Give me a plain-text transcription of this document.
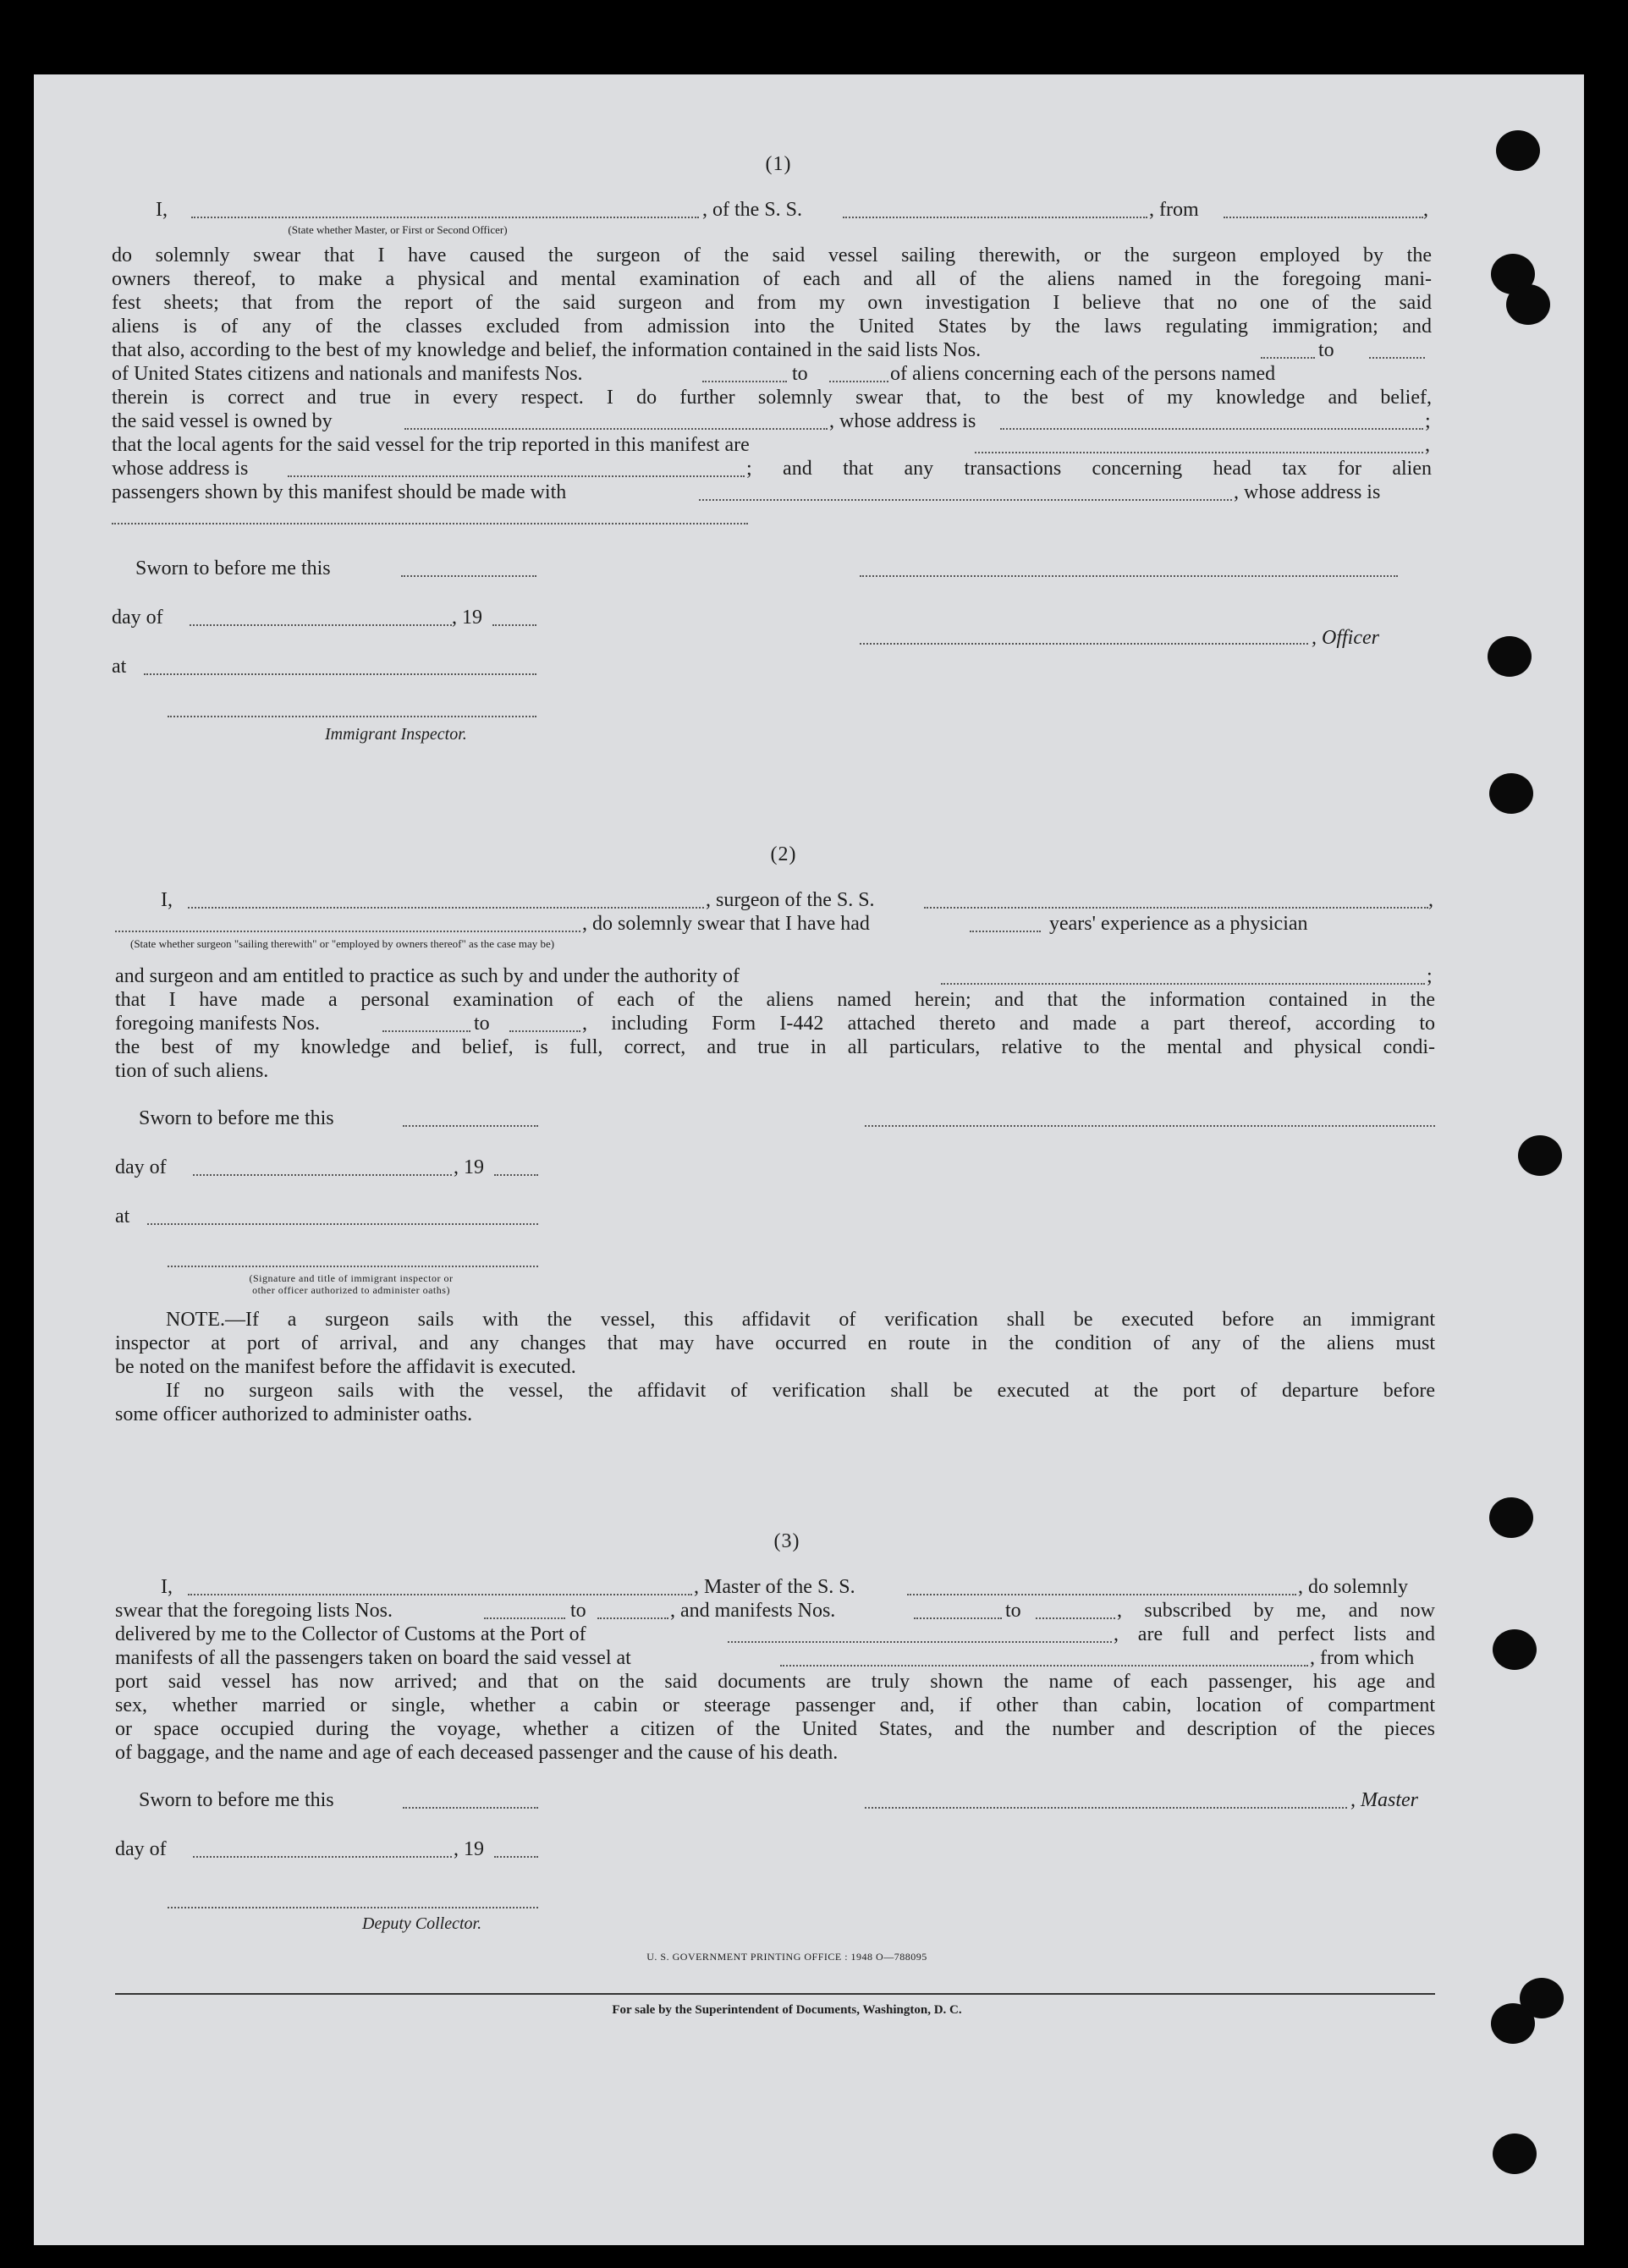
(1)
I,	, of the S. S.	, from	,
(State whether Master, or First or Second Officer)
do solemnly swear that I have caused the surgeon of the said vessel sailing therewith, or the surgeon employed by the
owners thereof, to make a physical and mental examination of each and all of the aliens named in the foregoing mani-
fest sheets; that from the report of the said surgeon and from my own investigation I believe that no one of the said
aliens is of any of the classes excluded from admission into the United States by the laws regulating immigration; and
that also, according to the best of my knowledge and belief, the information contained in the said lists Nos.	to
of United States citizens and nationals and manifests Nos.	to	of aliens concerning each of the persons named
therein is correct and true in every respect. I do further solemnly swear that, to the best of my knowledge and belief,
the said vessel is owned by	, whose address is	;
that the local agents for the said vessel for the trip reported in this manifest are	,
whose address is	; and that any transactions concerning head tax for alien
passengers shown by this manifest should be made with	, whose address is
Sworn to before me this
day of	, 19
, Officer
at
Immigrant Inspector.
(2)
I,	, surgeon of the S. S.	,
, do solemnly swear that I have had	years' experience as a physician
(State whether surgeon "sailing therewith" or "employed by owners thereof" as the case may be)
and surgeon and am entitled to practice as such by and under the authority of	;
that I have made a personal examination of each of the aliens named herein; and that the information contained in the
foregoing manifests Nos.	to	, including Form I-442 attached thereto and made a part thereof, according to
the best of my knowledge and belief, is full, correct, and true in all particulars, relative to the mental and physical condi-
tion of such aliens.
Sworn to before me this
day of	, 19
at
(Signature and title of immigrant inspector or
other officer authorized to administer oaths)
NOTE.—If a surgeon sails with the vessel, this affidavit of verification shall be executed before an immigrant
inspector at port of arrival, and any changes that may have occurred en route in the condition of any of the aliens must
be noted on the manifest before the affidavit is executed.
If no surgeon sails with the vessel, the affidavit of verification shall be executed at the port of departure before
some officer authorized to administer oaths.
(3)
I,	, Master of the S. S.	, do solemnly
swear that the foregoing lists Nos.	to	, and manifests Nos.	to	, subscribed by me, and now
delivered by me to the Collector of Customs at the Port of	, are full and perfect lists and
manifests of all the passengers taken on board the said vessel at	, from which
port said vessel has now arrived; and that on the said documents are truly shown the name of each passenger, his age and
sex, whether married or single, whether a cabin or steerage passenger and, if other than cabin, location of compartment
or space occupied during the voyage, whether a citizen of the United States, and the number and description of the pieces
of baggage, and the name and age of each deceased passenger and the cause of his death.
Sworn to before me this	, Master
day of	, 19
Deputy Collector.
U. S. GOVERNMENT PRINTING OFFICE : 1948 O—788095
For sale by the Superintendent of Documents, Washington, D. C.
